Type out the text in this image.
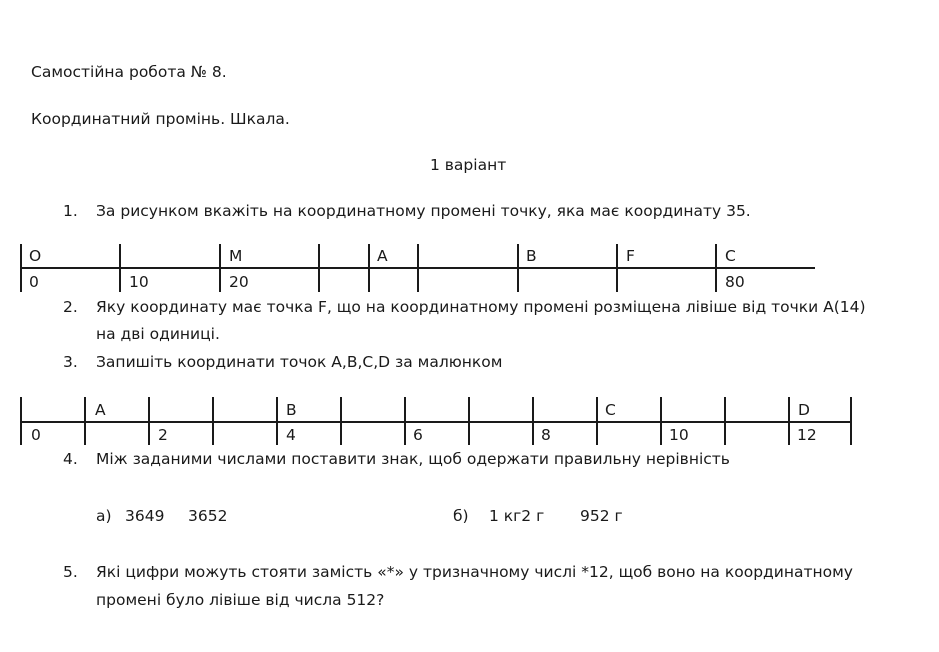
Самостійна робота № 8.
Координатний промінь. Шкала.
1 варіант
1. За рисунком вкажіть на координатному промені точку, яка має координату 35.
O	M	A	B	F	C
0	10	20	80
2. Яку координату має точка F, що на координатному промені розміщена лівіше від точки А(14)
на дві одиниці.
3. Запишіть координати точок A,B,C,D за малюнком
A	B	C	D
0	2	4	6	8	10	12
4. Між заданими числами поставити знак, щоб одержати правильну нерівність
а) 3649 3652	б) 1 кг2 г 952 г
5. Які цифри можуть стояти замість «*» у тризначному числі *12, щоб воно на координатному
промені було лівіше від числа 512?
